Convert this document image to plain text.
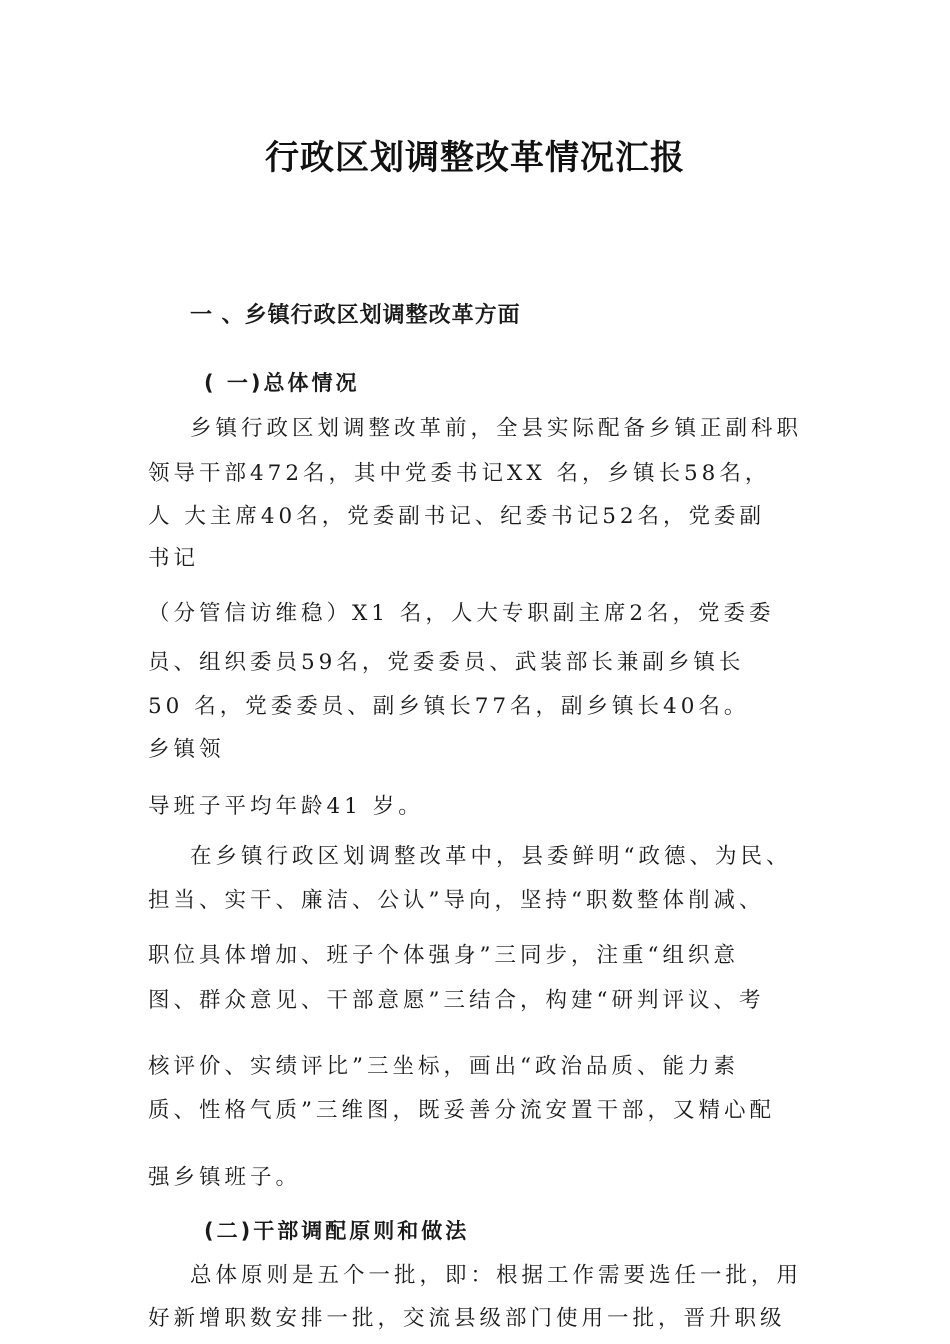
行政区划调整改革情况汇报
一 、乡镇行政区划调整改革方面
( 一)总体情况
乡镇行政区划调整改革前，全县实际配备乡镇正副科职
领导干部472名，其中党委书记XX 名，乡镇长58名，
人 大主席40名，党委副书记、纪委书记52名，党委副
书记
（分管信访维稳）X1 名，人大专职副主席2名，党委委
员、组织委员59名，党委委员、武装部长兼副乡镇长
50 名，党委委员、副乡镇长77名，副乡镇长40名。
乡镇领
导班子平均年龄41 岁。
在乡镇行政区划调整改革中，县委鲜明“政德、为民、
担当、实干、廉洁、公认”导向，坚持“职数整体削减、
职位具体增加、班子个体强身”三同步，注重“组织意
图、群众意见、干部意愿”三结合，构建“研判评议、考
核评价、实绩评比”三坐标，画出“政治品质、能力素
质、性格气质”三维图，既妥善分流安置干部，又精心配
强乡镇班子。
(二)干部调配原则和做法
总体原则是五个一批，即：根据工作需要选任一批，用
好新增职数安排一批，交流县级部门使用一批，晋升职级
